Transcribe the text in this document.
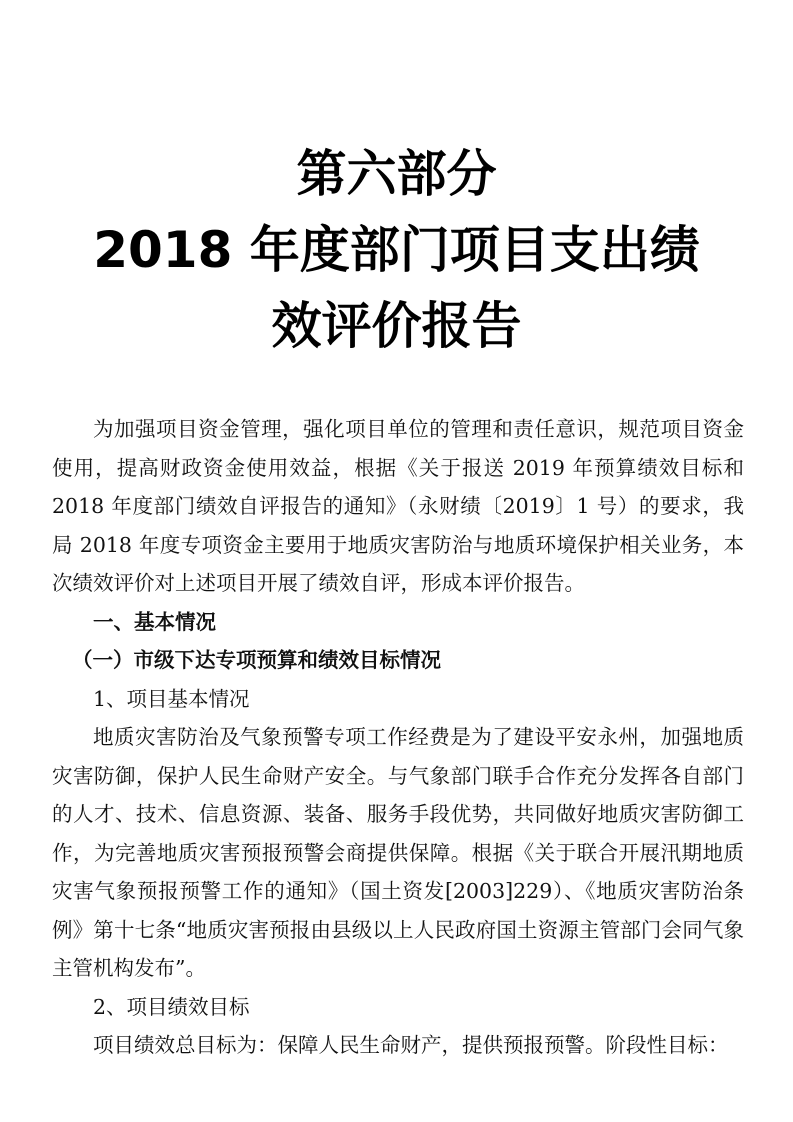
第六部分
2018 年度部门项目支出绩
效评价报告

为加强项目资金管理，强化项目单位的管理和责任意识，规范项目资金使用，提高财政资金使用效益，根据《关于报送 2019 年预算绩效目标和 2018 年度部门绩效自评报告的通知》（永财绩〔2019〕1 号）的要求，我局 2018 年度专项资金主要用于地质灾害防治与地质环境保护相关业务，本次绩效评价对上述项目开展了绩效自评，形成本评价报告。

一、基本情况

（一）市级下达专项预算和绩效目标情况

1、项目基本情况

地质灾害防治及气象预警专项工作经费是为了建设平安永州，加强地质灾害防御，保护人民生命财产安全。与气象部门联手合作充分发挥各自部门的人才、技术、信息资源、装备、服务手段优势，共同做好地质灾害防御工作，为完善地质灾害预报预警会商提供保障。根据《关于联合开展汛期地质灾害气象预报预警工作的通知》（国土资发[2003]229）、《地质灾害防治条例》第十七条“地质灾害预报由县级以上人民政府国土资源主管部门会同气象主管机构发布”。

2、项目绩效目标

项目绩效总目标为：保障人民生命财产，提供预报预警。阶段性目标：
